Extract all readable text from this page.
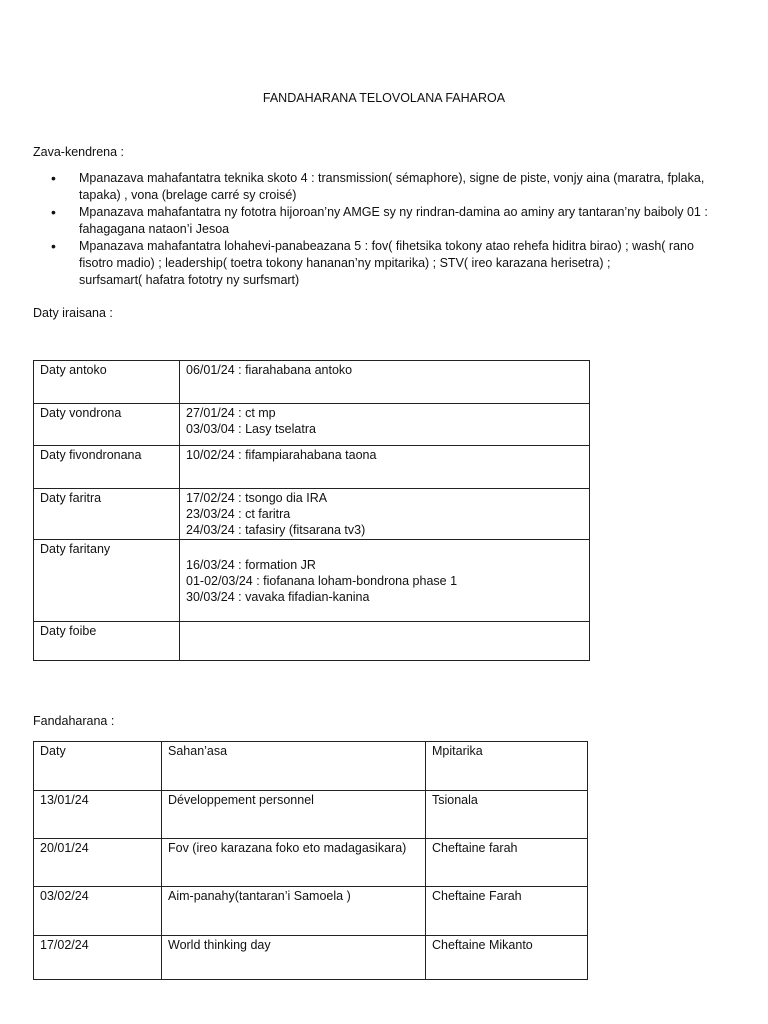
FANDAHARANA TELOVOLANA FAHAROA
Zava-kendrena :
• Mpanazava mahafantatra teknika skoto 4 : transmission( sémaphore), signe de piste, vonjy aina (maratra, fplaka,
tapaka) , vona (brelage carré sy croisé)
• Mpanazava mahafantatra ny fototra hijoroan’ny AMGE sy ny rindran-damina ao aminy ary tantaran’ny baiboly 01 :
fahagagana nataon’i Jesoa
• Mpanazava mahafantatra lohahevi-panabeazana 5 : fov( fihetsika tokony atao rehefa hiditra birao) ; wash( rano
fisotro madio) ; leadership( toetra tokony hananan’ny mpitarika) ; STV( ireo karazana herisetra) ;
surfsamart( hafatra fototry ny surfsmart)
Daty iraisana :
Daty antoko	06/01/24 : fiarahabana antoko

Daty vondrona	27/01/24 : ct mp
03/03/04 : Lasy tselatra

Daty fivondronana	10/02/24 : fifampiarahabana taona

Daty faritra	17/02/24 : tsongo dia IRA
23/03/24 : ct faritra
24/03/24 : tafasiry (fitsarana tv3)

Daty faritany	16/03/24 : formation JR
01-02/03/24 : fiofanana loham-bondrona phase 1
30/03/24 : vavaka fifadian-kanina

Daty foibe	
Fandaharana :
Daty	Sahan’asa	Mpitarika
13/01/24	Développement personnel	Tsionala
20/01/24	Fov (ireo karazana foko eto madagasikara)	Cheftaine farah
03/02/24	Aim-panahy(tantaran’i Samoela )	Cheftaine Farah
17/02/24	World thinking day	Cheftaine Mikanto
